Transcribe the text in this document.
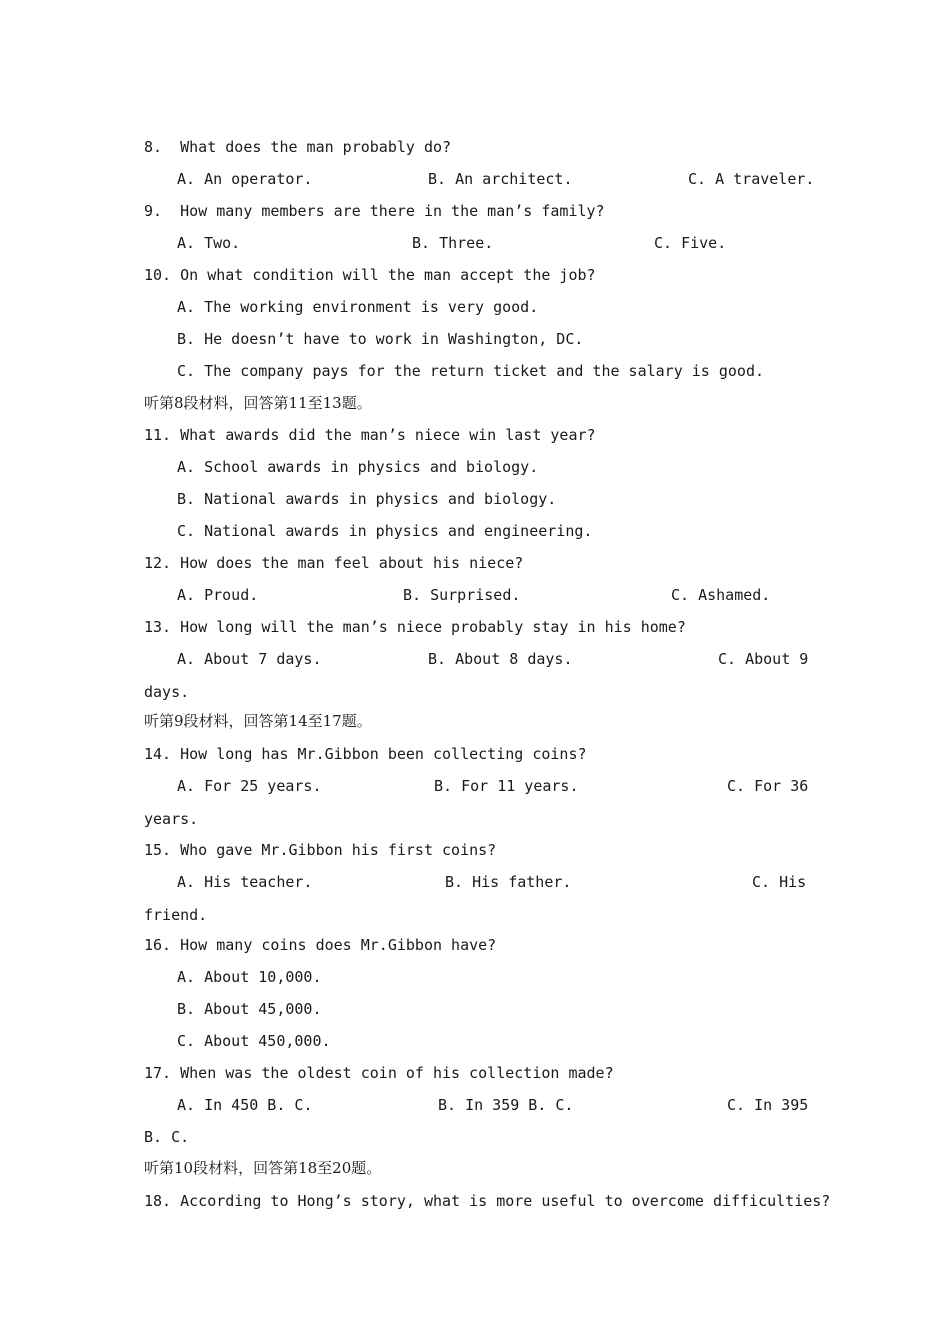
8.  What does the man probably do?
A. An operator.	B. An architect.	C. A traveler.
9.  How many members are there in the man’s family?
A. Two.	B. Three.	C. Five.
10. On what condition will the man accept the job?
A. The working environment is very good.
B. He doesn’t have to work in Washington, DC.
C. The company pays for the return ticket and the salary is good.
听第8段材料，回答第11至13题。
11. What awards did the man’s niece win last year?
A. School awards in physics and biology.
B. National awards in physics and biology.
C. National awards in physics and engineering.
12. How does the man feel about his niece?
A. Proud.	B. Surprised.	C. Ashamed.
13. How long will the man’s niece probably stay in his home?
A. About 7 days.	B. About 8 days.	C. About 9
days.
听第9段材料，回答第14至17题。
14. How long has Mr.Gibbon been collecting coins?
A. For 25 years.	B. For 11 years.	C. For 36
years.
15. Who gave Mr.Gibbon his first coins?
A. His teacher.	B. His father.	C. His
friend.
16. How many coins does Mr.Gibbon have?
A. About 10,000.
B. About 45,000.
C. About 450,000.
17. When was the oldest coin of his collection made?
A. In 450 B. C.	B. In 359 B. C.	C. In 395
B. C.
听第10段材料，回答第18至20题。
18. According to Hong’s story, what is more useful to overcome difficulties?
